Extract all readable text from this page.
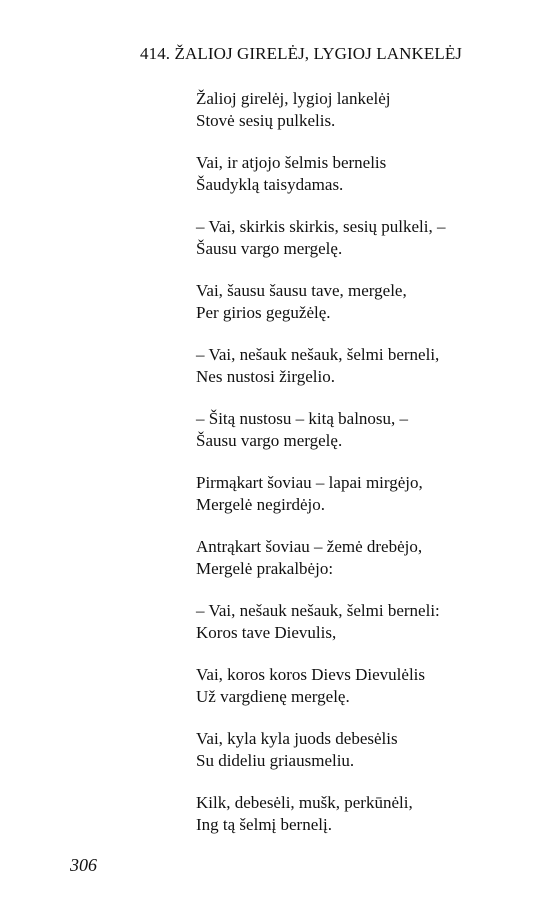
414. ŽALIOJ GIRELĖJ, LYGIOJ LANKELĖJ
Žalioj girelėj, lygioj lankelėj
Stovė sesių pulkelis.
Vai, ir atjojo šelmis bernelis
Šaudyklą taisydamas.
– Vai, skirkis skirkis, sesių pulkeli, –
Šausu vargo mergelę.
Vai, šausu šausu tave, mergele,
Per girios gegužėlę.
– Vai, nešauk nešauk, šelmi berneli,
Nes nustosi žirgelio.
– Šitą nustosu – kitą balnosu, –
Šausu vargo mergelę.
Pirmąkart šoviau – lapai mirgėjo,
Mergelė negirdėjo.
Antrąkart šoviau – žemė drebėjo,
Mergelė prakalbėjo:
– Vai, nešauk nešauk, šelmi berneli:
Koros tave Dievulis,
Vai, koros koros Dievs Dievulėlis
Už vargdienę mergelę.
Vai, kyla kyla juods debesėlis
Su dideliu griausmeliu.
Kilk, debesėli, mušk, perkūnėli,
Ing tą šelmį bernelį.
306
